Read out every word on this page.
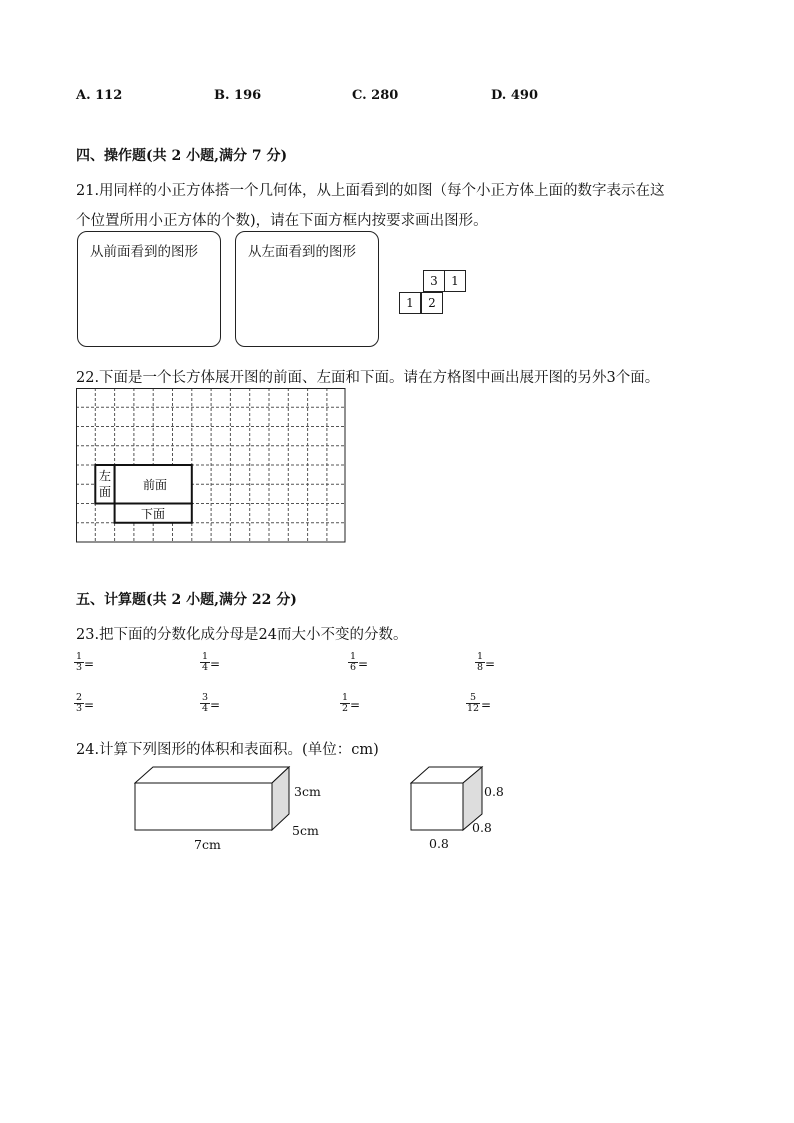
A. 112	B. 196	C. 280	D. 490
四、操作题(共 2 小题,满分 7 分)
21.用同样的小正方体搭一个几何体，从上面看到的如图（每个小正方体上面的数字表示在这
个位置所用小正方体的个数)，请在下面方框内按要求画出图形。
从前面看到的图形	从左面看到的图形
3	1
1	2
22.下面是一个长方体展开图的前面、左面和下面。请在方格图中画出展开图的另外3个面。
左
面	前面
下面
五、计算题(共 2 小题,满分 22 分)
23.把下面的分数化成分母是24而大小不变的分数。
$\frac{1}{3}$ =	$\frac{1}{4}$ =	$\frac{1}{6}$ =	$\frac{1}{8}$ =
$\frac{2}{3}$ =	$\frac{3}{4}$ =	$\frac{1}{2}$ =	$\frac{5}{12}$ =
24.计算下列图形的体积和表面积。(单位：cm)
3cm
5cm
7cm
0.8
0.8
0.8
